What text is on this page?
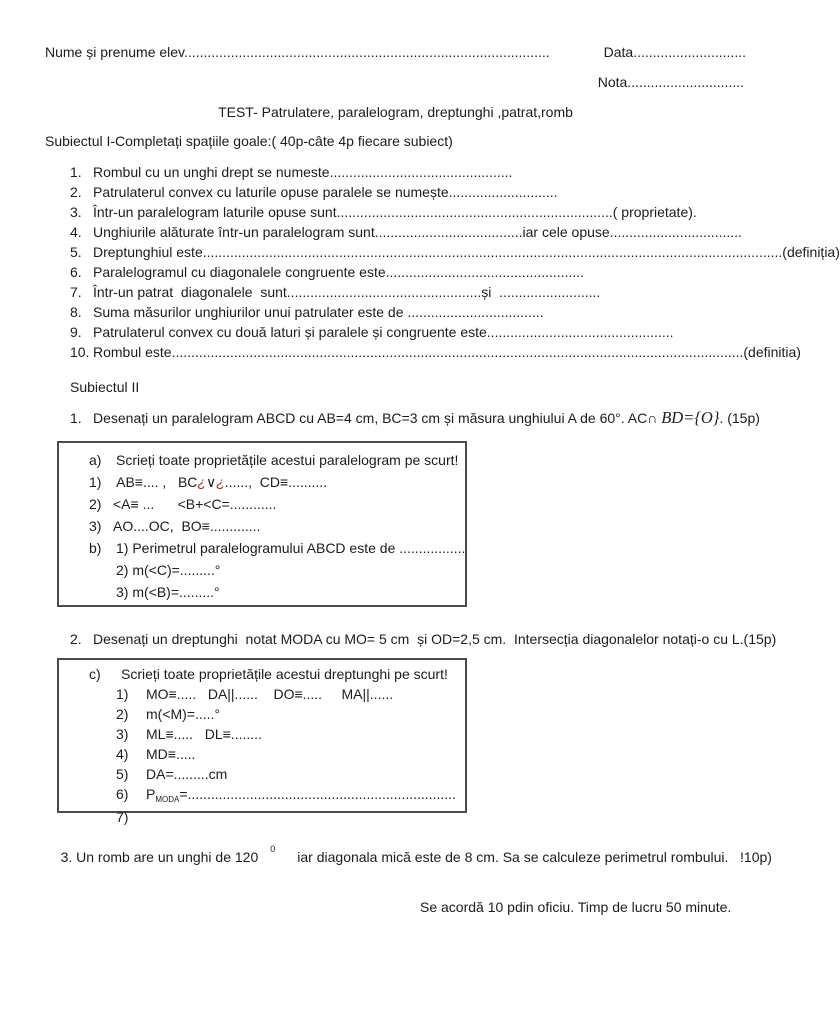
Nume și prenume elev..............................................................................................	Data.............................
Nota..............................
TEST- Patrulatere, paralelogram, dreptunghi ,patrat,romb
Subiectul I-Completați spațiile goale:( 40p-câte 4p fiecare subiect)
1. Rombul cu un unghi drept se numeste...............................................
2. Patrulaterul convex cu laturile opuse paralele se numește............................
3. Într-un paralelogram laturile opuse sunt.......................................................................( proprietate).
4. Unghiurile alăturate într-un paralelogram sunt......................................iar cele opuse..................................
5. Dreptunghiul este.....................................................................................................................................................(definiția)
6. Paralelogramul cu diagonalele congruente este...................................................
7. Într-un patrat  diagonalele  sunt..................................................și  ..........................
8. Suma măsurilor unghiurilor unui patrulater este de ...................................
9. Patrulaterul convex cu două laturi și paralele și congruente este................................................
10. Rombul este...................................................................................................................................................(definitia)
Subiectul II
1. Desenați un paralelogram ABCD cu AB=4 cm, BC=3 cm și măsura unghiului A de 60°. AC∩ BD={O}. (15p)
a)	Scrieți toate proprietățile acestui paralelogram pe scurt!
1) AB≡.... ,   BC¿∨¿......,  CD≡..........
2) <A≡ ...      <B+<C=............
3) AO....OC,  BO≡.............
b)	1) Perimetrul paralelogramului ABCD este de .................
2) m(<C)=.........°
3) m(<B)=.........°
2. Desenați un dreptunghi  notat MODA cu MO= 5 cm  și OD=2,5 cm.  Intersecția diagonalelor notați-o cu L.(15p)
c)	Scrieți toate proprietățile acestui dreptunghi pe scurt!
1)	MO≡.....   DA||......    DO≡.....     MA||......
2)	m(<M)=.....°
3)	ML≡.....   DL≡........
4)	MD≡.....
5)	DA=.........cm
6)	PMODA=.....................................................................
7)

3. Un romb are un unghi de 120 0 iar diagonala mică este de 8 cm. Sa se calculeze perimetrul rombului.   !10p)

Se acordă 10 pdin oficiu. Timp de lucru 50 minute.
